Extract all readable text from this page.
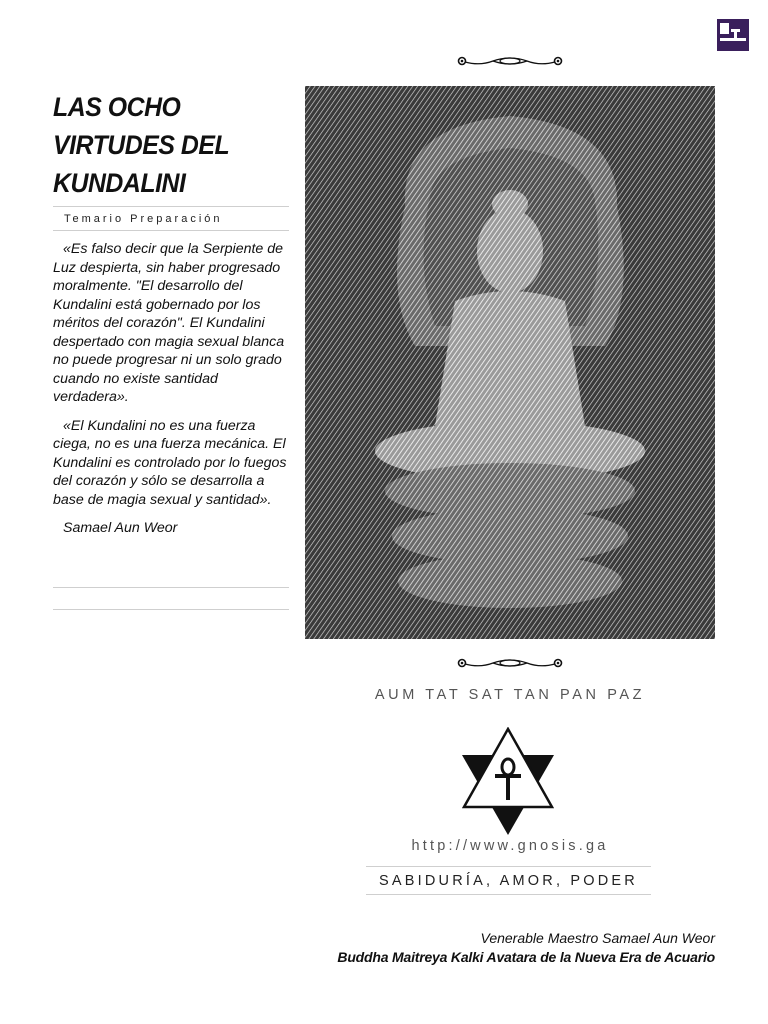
LAS OCHO
VIRTUDES DEL
KUNDALINI
Temario Preparación

«Es falso decir que la Serpiente de Luz despierta, sin haber progresado moralmente. "El desarrollo del Kundalini está gobernado por los méritos del corazón". El Kundalini despertado con magia sexual blanca no puede progresar ni un solo grado cuando no existe santidad verdadera».

«El Kundalini no es una fuerza ciega, no es una fuerza mecánica. El Kundalini es controlado por lo fuegos del corazón y sólo se desarrolla a base de magia sexual y santidad».

Samael Aun Weor
AUM TAT SAT TAN PAN PAZ
http://www.gnosis.ga
SABIDURÍA, AMOR, PODER
Venerable Maestro Samael Aun Weor
Buddha Maitreya Kalki Avatara de la Nueva Era de Acuario
